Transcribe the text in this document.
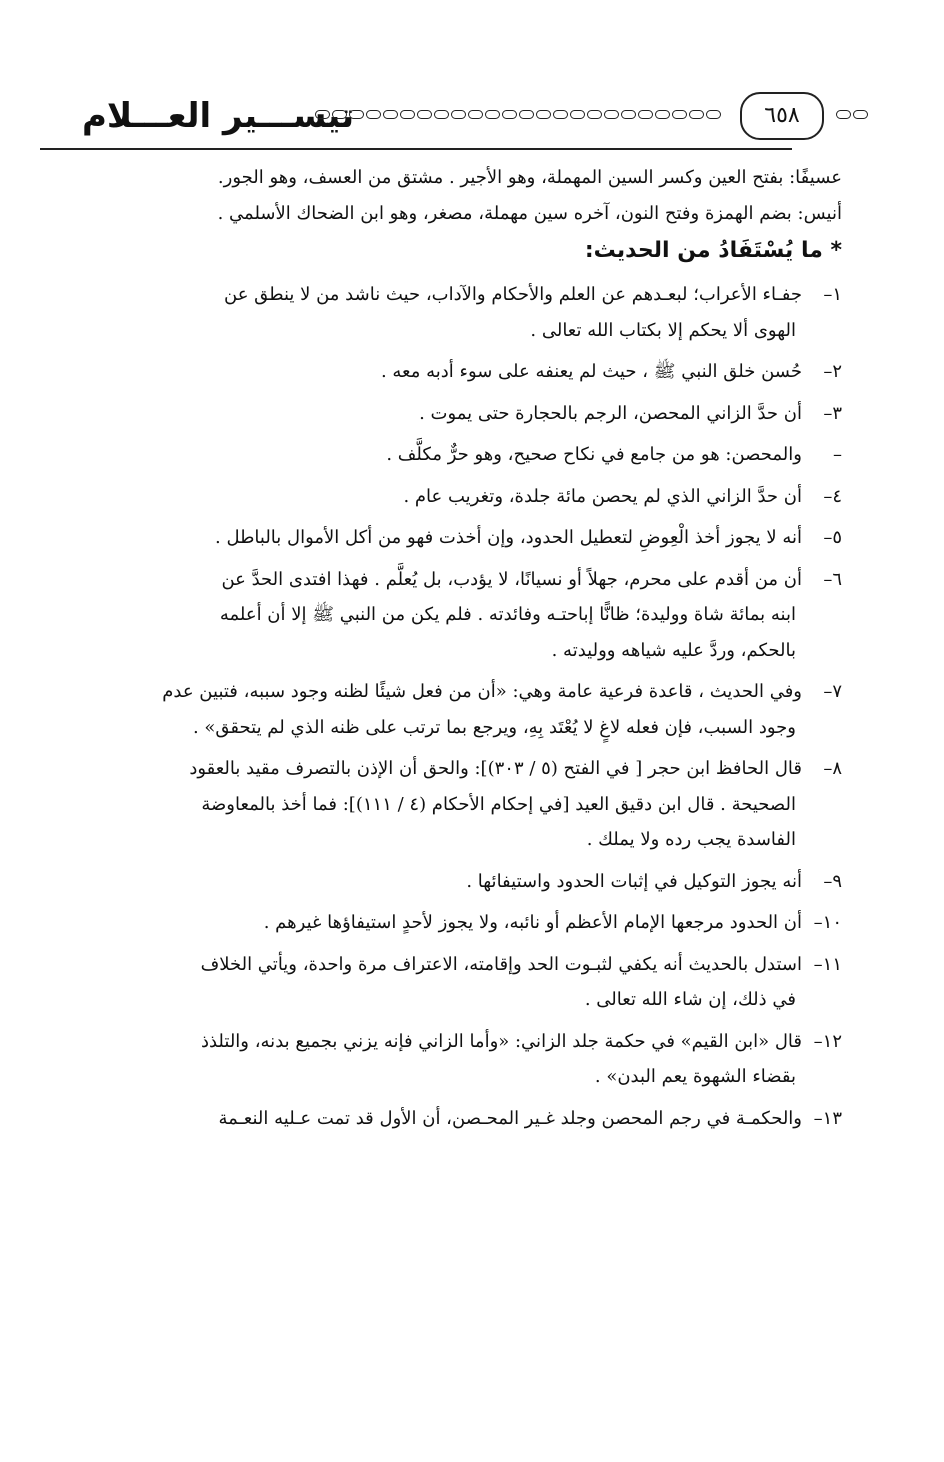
تيســـير العـــلام	٦٥٨
عسيفًا: بفتح العين وكسر السين المهملة، وهو الأجير . مشتق من العسف، وهو الجور.
أنيس: بضم الهمزة وفتح النون، آخره سين مهملة، مصغر، وهو ابن الضحاك الأسلمي .
* ما يُسْتَفَادُ من الحديث:
١–جفـاء الأعراب؛ لبعـدهم عن العلم والأحكام والآداب، حيث ناشد من لا ينطق عن
الهوى ألا يحكم إلا بكتاب الله تعالى .
٢–حُسن خلق النبي ﷺ ، حيث لم يعنفه على سوء أدبه معه .
٣–أن حدَّ الزاني المحصن، الرجم بالحجارة حتى يموت .
–والمحصن: هو من جامع في نكاح صحيح، وهو حرٌّ مكلَّف .
٤–أن حدَّ الزاني الذي لم يحصن مائة جلدة، وتغريب عام .
٥–أنه لا يجوز أخذ الْعِوضِ لتعطيل الحدود، وإن أخذت فهو من أكل الأموال بالباطل .
٦–أن من أقدم على محرم، جهلاً أو نسيانًا، لا يؤدب، بل يُعلَّم . فهذا افتدى الحدَّ عن
ابنه بمائة شاة ووليدة؛ ظانًّا إباحتـه وفائدته . فلم يكن من النبي ﷺ إلا أن أعلمه
بالحكم، وردَّ عليه شياهه ووليدته .
٧–وفي الحديث ، قاعدة فرعية عامة وهي: «أن من فعل شيئًا لظنه وجود سببه، فتبين عدم
وجود السبب، فإن فعله لاغٍ لا يُعْتَد بِهِ، ويرجع بما ترتب على ظنه الذي لم يتحقق» .
٨–قال الحافظ ابن حجر [ في الفتح (٥ / ٣٠٣)]: والحق أن الإذن بالتصرف مقيد بالعقود
الصحيحة . قال ابن دقيق العيد [في إحكام الأحكام (٤ / ١١١)]: فما أخذ بالمعاوضة
الفاسدة يجب رده ولا يملك .
٩–أنه يجوز التوكيل في إثبات الحدود واستيفائها .
١٠–أن الحدود مرجعها الإمام الأعظم أو نائبه، ولا يجوز لأحدٍ استيفاؤها غيرهم .
١١–استدل بالحديث أنه يكفي لثبـوت الحد وإقامته، الاعتراف مرة واحدة، ويأتي الخلاف
في ذلك، إن شاء الله تعالى .
١٢–قال «ابن القيم» في حكمة جلد الزاني: «وأما الزاني فإنه يزني بجميع بدنه، والتلذذ
بقضاء الشهوة يعم البدن» .
١٣–والحكمـة في رجم المحصن وجلد غـير المحـصن، أن الأول قد تمت عـليه النعـمة
